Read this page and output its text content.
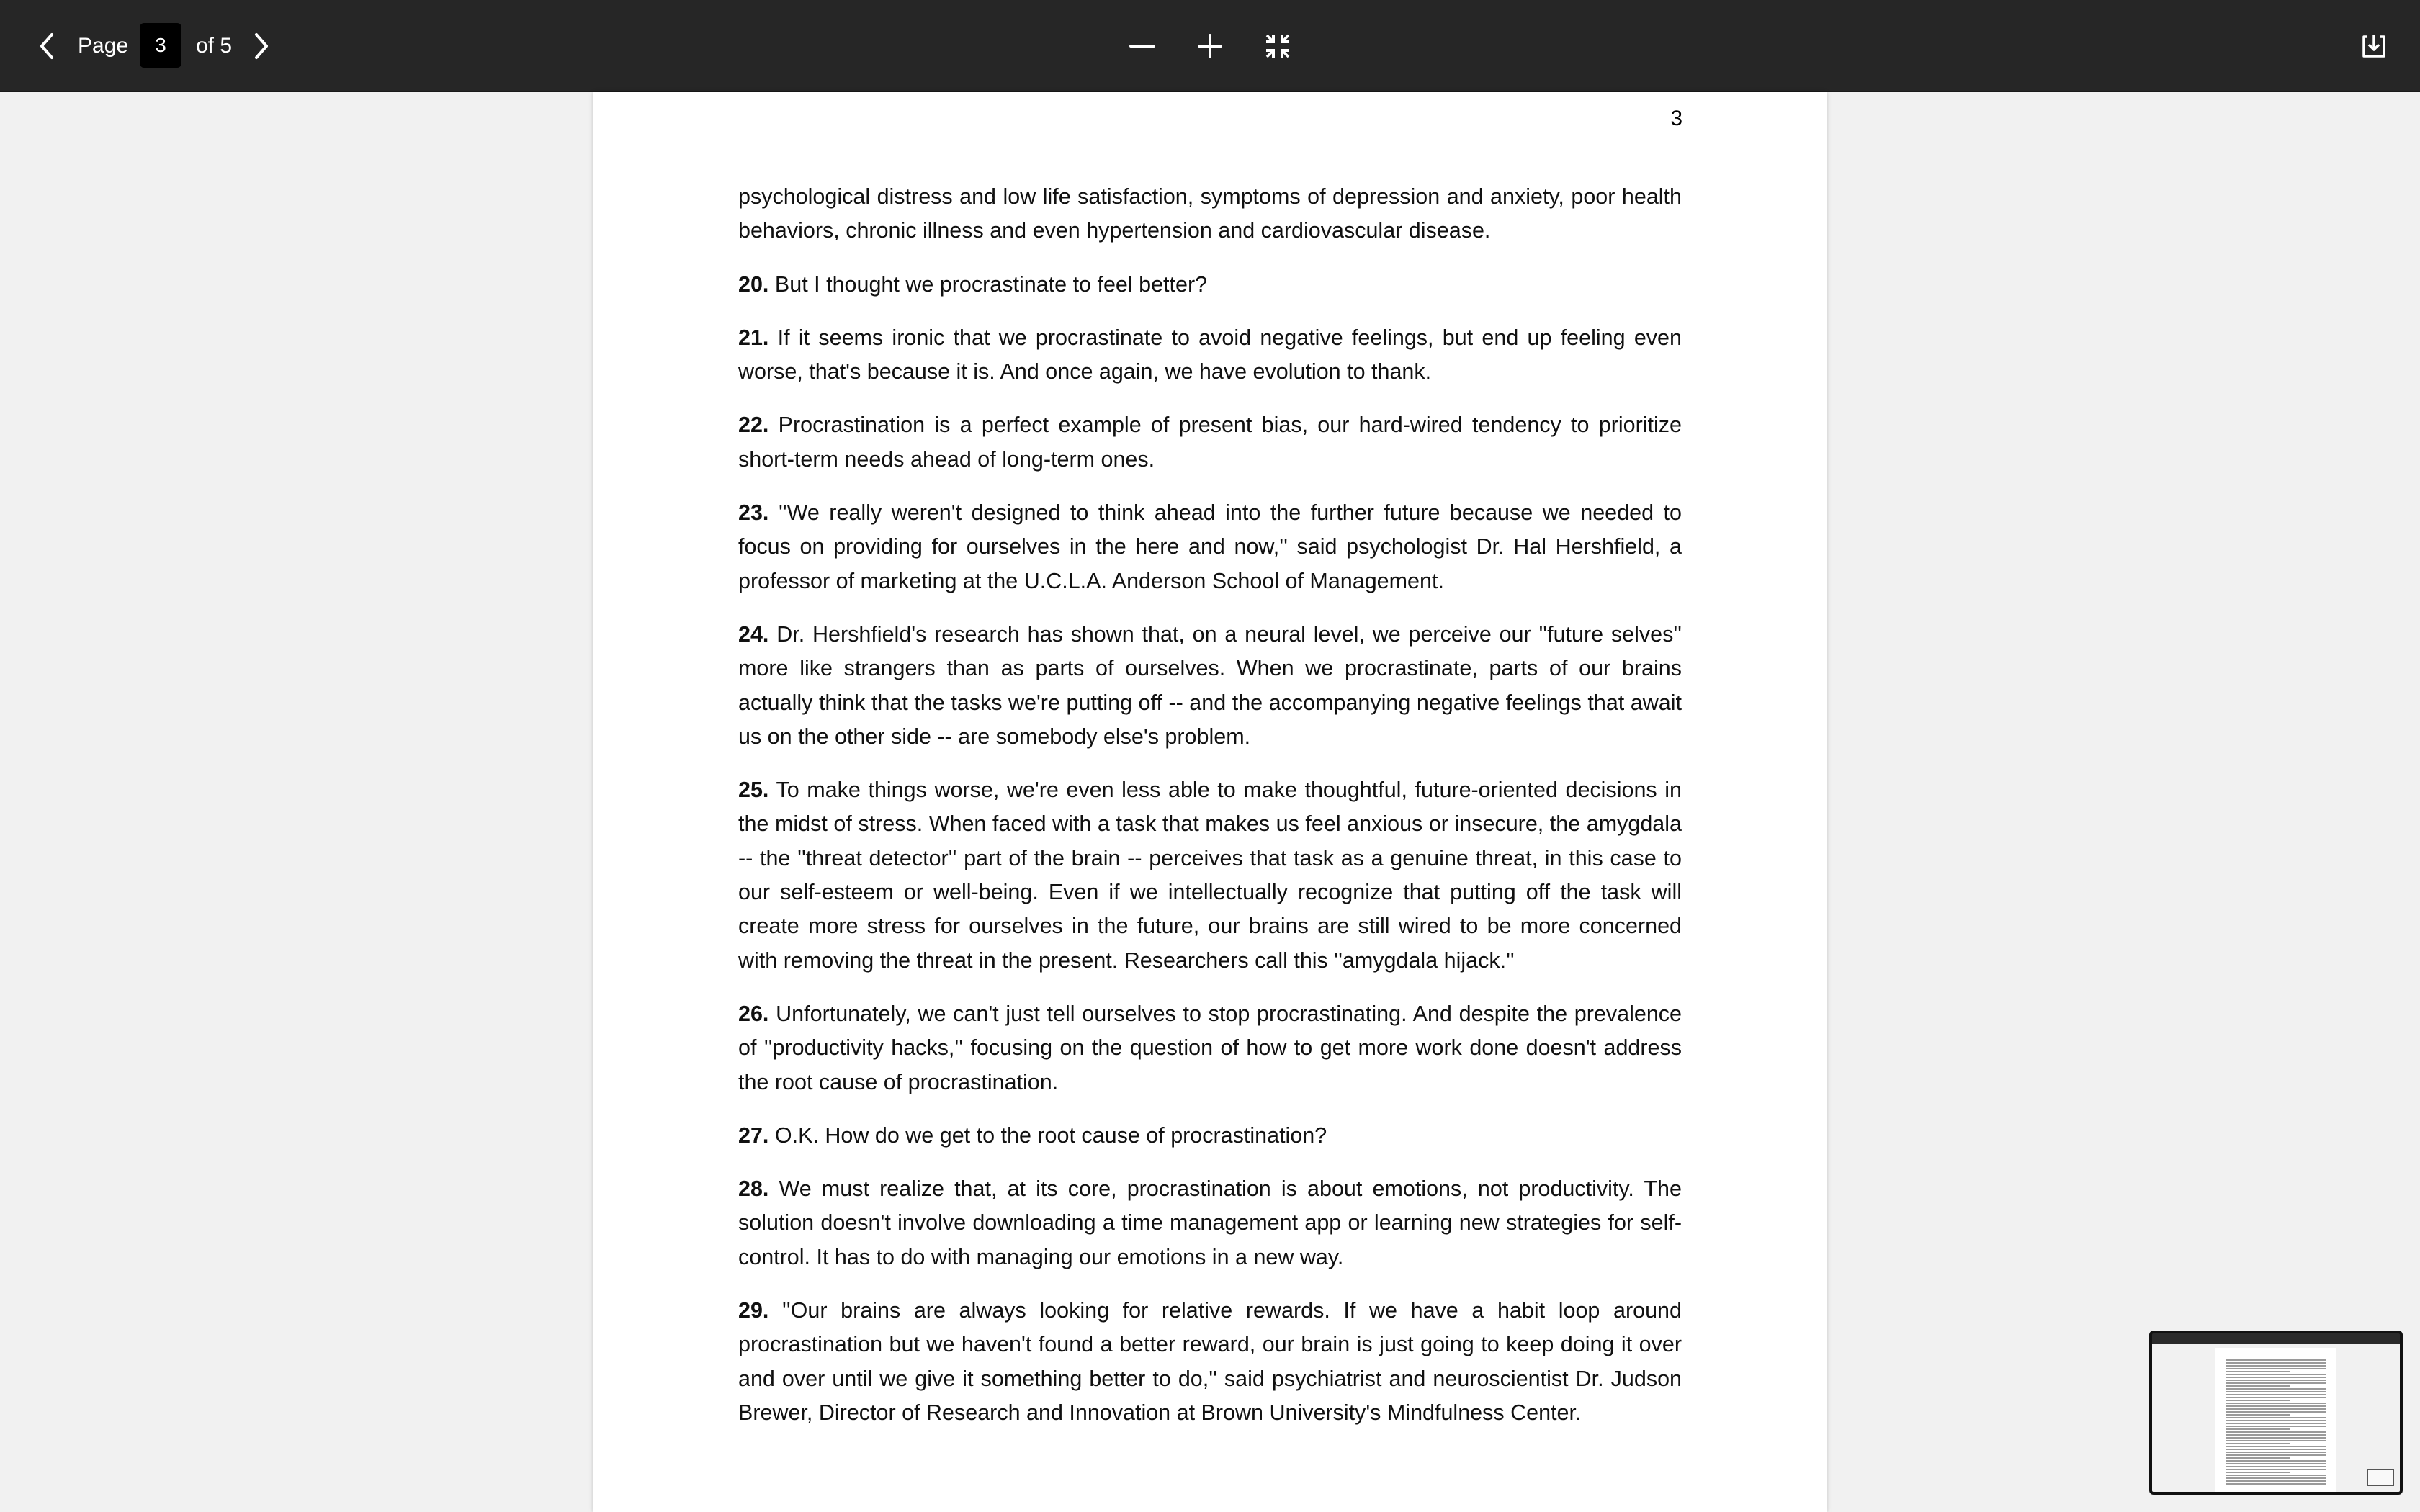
Page
3	of 5
3

psychological distress and low life satisfaction, symptoms of depression and anxiety, poor health behaviors, chronic illness and even hypertension and cardiovascular disease.

20. But I thought we procrastinate to feel better?

21. If it seems ironic that we procrastinate to avoid negative feelings, but end up feeling even worse, that's because it is. And once again, we have evolution to thank.

22. Procrastination is a perfect example of present bias, our hard-wired tendency to prioritize short-term needs ahead of long-term ones.

23. ''We really weren't designed to think ahead into the further future because we needed to focus on providing for ourselves in the here and now,'' said psychologist Dr. Hal Hershfield, a professor of marketing at the U.C.L.A. Anderson School of Management.

24. Dr. Hershfield's research has shown that, on a neural level, we perceive our ''future selves'' more like strangers than as parts of ourselves. When we procrastinate, parts of our brains actually think that the tasks we're putting off -- and the accompanying negative feelings that await us on the other side -- are somebody else's problem.

25. To make things worse, we're even less able to make thoughtful, future-oriented decisions in the midst of stress. When faced with a task that makes us feel anxious or insecure, the amygdala -- the ''threat detector'' part of the brain -- perceives that task as a genuine threat, in this case to our self-esteem or well-being. Even if we intellectually recognize that putting off the task will create more stress for ourselves in the future, our brains are still wired to be more concerned with removing the threat in the present. Researchers call this ''amygdala hijack.''

26. Unfortunately, we can't just tell ourselves to stop procrastinating. And despite the prevalence of ''productivity hacks,'' focusing on the question of how to get more work done doesn't address the root cause of procrastination.

27. O.K. How do we get to the root cause of procrastination?

28. We must realize that, at its core, procrastination is about emotions, not productivity. The solution doesn't involve downloading a time management app or learning new strategies for self-control. It has to do with managing our emotions in a new way.

29. ''Our brains are always looking for relative rewards. If we have a habit loop around procrastination but we haven't found a better reward, our brain is just going to keep doing it over and over until we give it something better to do,'' said psychiatrist and neuroscientist Dr. Judson Brewer, Director of Research and Innovation at Brown University's Mindfulness Center.
